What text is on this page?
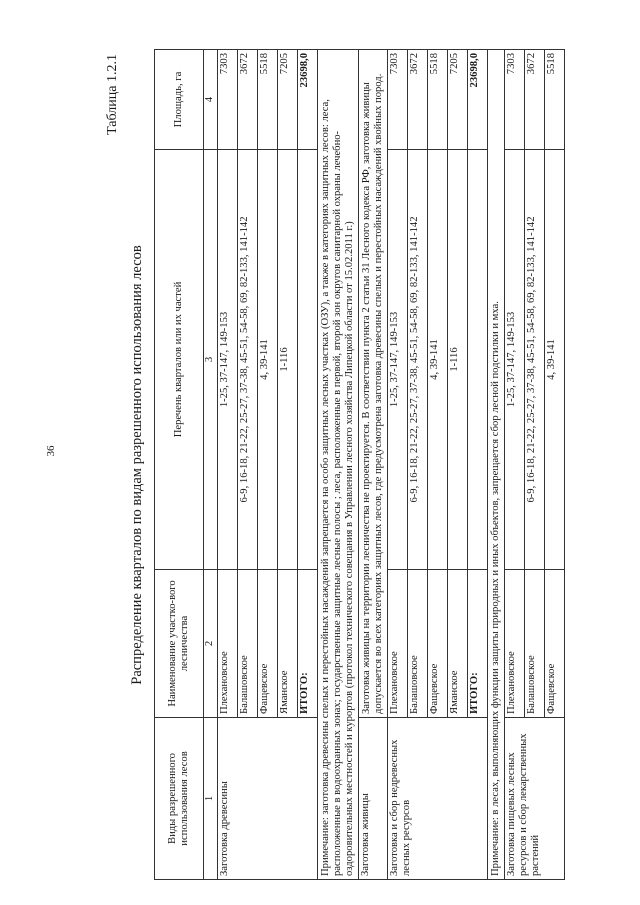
36
Таблица 1.2.1
Распределение кварталов по видам разрешенного использования лесов
Виды разрешенного использования лесов	Наименование участко-вого лесничества	Перечень кварталов или их частей	Площадь, га
1	2	3	4
Заготовка древесины	Плехановское	1-25, 37-147, 149-153	7303
	Балашовское	6-9, 16-18, 21-22, 25-27, 37-38, 45-51, 54-58, 69, 82-133, 141-142	3672
	Фащевское	4, 39-141	5518
	Яманское	1-116	7205
	ИТОГО:		23698,0
Примечание: заготовка древесины спелых и перестойных насаждений запрещается на особо защитных лесных участках (ОЗУ), а также в категориях защитных лесов: леса, расположенные в водоохранных зонах; государственные защитные лесные полосы ; леса, расположенные в первой, второй зон округов санитарной охраны лечебно-оздоровительных местностей и курортов (протокол технического совещания в Управлении лесного хозяйства Липецкой области от 15.02.2011 г.)			
Заготовка живицы	Заготовка живицы на территории лесничества не проектируется. В соответствии пункта 2 статьи 31 Лесного кодекса РФ, заготовка живицы допускается во всех категориях защитных лесов, где предусмотрена заготовка древесины спелых и перестойных насаждений хвойных пород.		
Заготовка и сбор недревесных лесных ресурсов	Плехановское	1-25, 37-147, 149-153	7303
	Балашовское	6-9, 16-18, 21-22, 25-27, 37-38, 45-51, 54-58, 69, 82-133, 141-142	3672
	Фащевское	4, 39-141	5518
	Яманское	1-116	7205
	ИТОГО:		23698,0
Примечание: в лесах, выполняющих функции защиты природных и иных объектов, запрещается сбор лесной подстилки и мха.			
Заготовка пищевых лесных ресурсов и сбор лекарственных растений	Плехановское	1-25, 37-147, 149-153	7303
	Балашовское	6-9, 16-18, 21-22, 25-27, 37-38, 45-51, 54-58, 69, 82-133, 141-142	3672
	Фащевское	4, 39-141	5518
